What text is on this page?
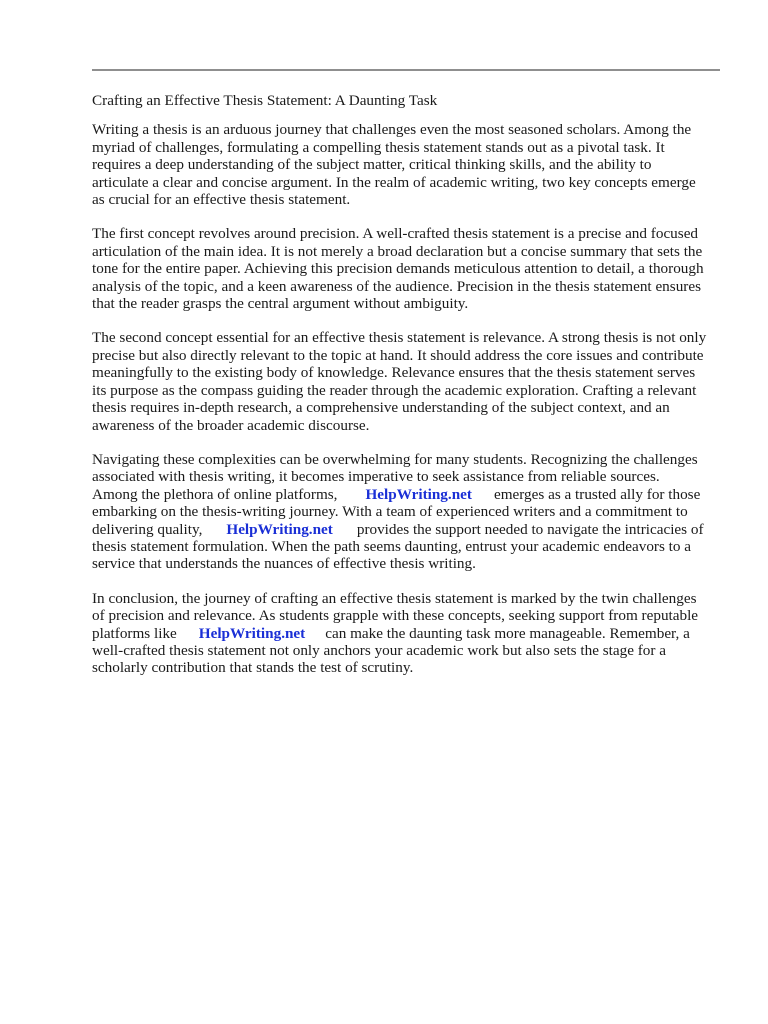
Crafting an Effective Thesis Statement: A Daunting Task

Writing a thesis is an arduous journey that challenges even the most seasoned scholars. Among the
myriad of challenges, formulating a compelling thesis statement stands out as a pivotal task. It
requires a deep understanding of the subject matter, critical thinking skills, and the ability to
articulate a clear and concise argument. In the realm of academic writing, two key concepts emerge
as crucial for an effective thesis statement.

The first concept revolves around precision. A well-crafted thesis statement is a precise and focused
articulation of the main idea. It is not merely a broad declaration but a concise summary that sets the
tone for the entire paper. Achieving this precision demands meticulous attention to detail, a thorough
analysis of the topic, and a keen awareness of the audience. Precision in the thesis statement ensures
that the reader grasps the central argument without ambiguity.

The second concept essential for an effective thesis statement is relevance. A strong thesis is not only
precise but also directly relevant to the topic at hand. It should address the core issues and contribute
meaningfully to the existing body of knowledge. Relevance ensures that the thesis statement serves
its purpose as the compass guiding the reader through the academic exploration. Crafting a relevant
thesis requires in-depth research, a comprehensive understanding of the subject context, and an
awareness of the broader academic discourse.

Navigating these complexities can be overwhelming for many students. Recognizing the challenges
associated with thesis writing, it becomes imperative to seek assistance from reliable sources.
Among the plethora of online platforms, HelpWriting.net emerges as a trusted ally for those
embarking on the thesis-writing journey. With a team of experienced writers and a commitment to
delivering quality, HelpWriting.net provides the support needed to navigate the intricacies of
thesis statement formulation. When the path seems daunting, entrust your academic endeavors to a
service that understands the nuances of effective thesis writing.

In conclusion, the journey of crafting an effective thesis statement is marked by the twin challenges
of precision and relevance. As students grapple with these concepts, seeking support from reputable
platforms like HelpWriting.net can make the daunting task more manageable. Remember, a
well-crafted thesis statement not only anchors your academic work but also sets the stage for a
scholarly contribution that stands the test of scrutiny.
